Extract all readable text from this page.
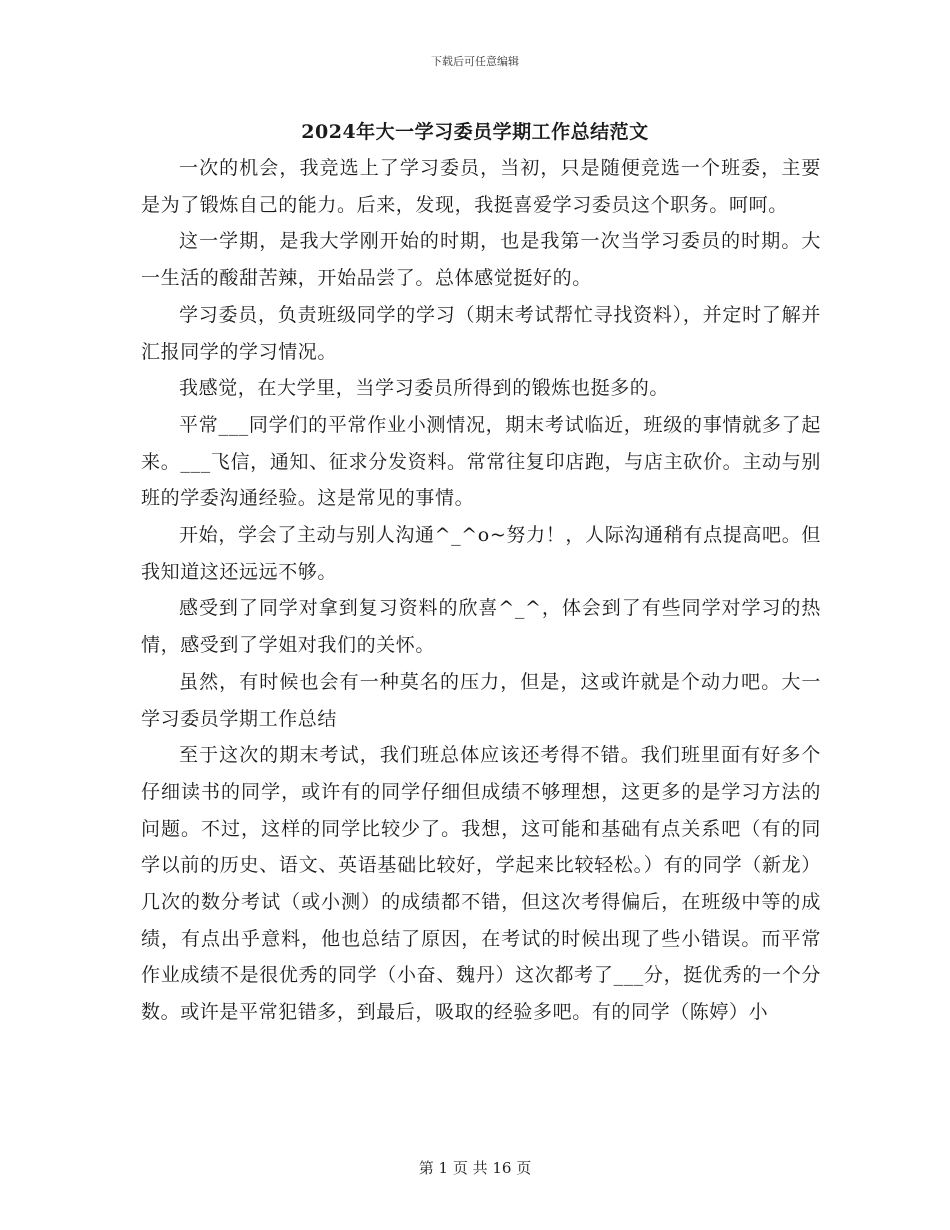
下载后可任意编辑
2024年大一学习委员学期工作总结范文

一次的机会，我竞选上了学习委员，当初，只是随便竞选一个班委，主要是为了锻炼自己的能力。后来，发现，我挺喜爱学习委员这个职务。呵呵。

这一学期，是我大学刚开始的时期，也是我第一次当学习委员的时期。大一生活的酸甜苦辣，开始品尝了。总体感觉挺好的。

学习委员，负责班级同学的学习（期末考试帮忙寻找资料），并定时了解并汇报同学的学习情况。

我感觉，在大学里，当学习委员所得到的锻炼也挺多的。

平常___同学们的平常作业小测情况，期末考试临近，班级的事情就多了起来。___飞信，通知、征求分发资料。常常往复印店跑，与店主砍价。主动与别班的学委沟通经验。这是常见的事情。

开始，学会了主动与别人沟通^_^o~努力！，人际沟通稍有点提高吧。但我知道这还远远不够。

感受到了同学对拿到复习资料的欣喜^_^，体会到了有些同学对学习的热情，感受到了学姐对我们的关怀。

虽然，有时候也会有一种莫名的压力，但是，这或许就是个动力吧。大一学习委员学期工作总结

至于这次的期末考试，我们班总体应该还考得不错。我们班里面有好多个仔细读书的同学，或许有的同学仔细但成绩不够理想，这更多的是学习方法的问题。不过，这样的同学比较少了。我想，这可能和基础有点关系吧（有的同学以前的历史、语文、英语基础比较好，学起来比较轻松。）有的同学（新龙）几次的数分考试（或小测）的成绩都不错，但这次考得偏后，在班级中等的成绩，有点出乎意料，他也总结了原因，在考试的时候出现了些小错误。而平常作业成绩不是很优秀的同学（小奋、魏丹）这次都考了___分，挺优秀的一个分数。或许是平常犯错多，到最后，吸取的经验多吧。有的同学（陈婷）小

第 1 页 共 16 页
